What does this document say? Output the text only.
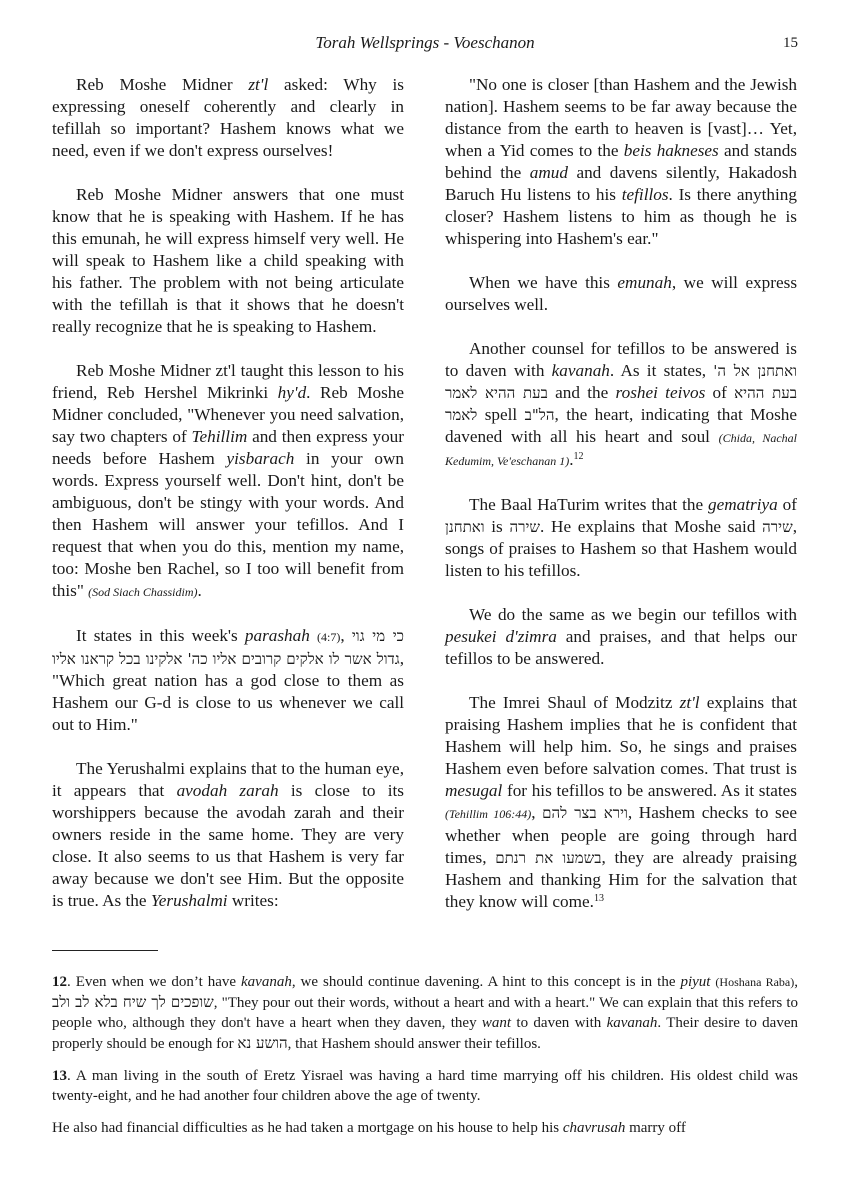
Torah Wellsprings - Voeschanon	15

Reb Moshe Midner zt'l asked: Why is expressing oneself coherently and clearly in tefillah so important? Hashem knows what we need, even if we don't express ourselves!

Reb Moshe Midner answers that one must know that he is speaking with Hashem. If he has this emunah, he will express himself very well. He will speak to Hashem like a child speaking with his father. The problem with not being articulate with the tefillah is that it shows that he doesn't really recognize that he is speaking to Hashem.

Reb Moshe Midner zt'l taught this lesson to his friend, Reb Hershel Mikrinki hy'd. Reb Moshe Midner concluded, "Whenever you need salvation, say two chapters of Tehillim and then express your needs before Hashem yisbarach in your own words. Express yourself well. Don't hint, don't be ambiguous, don't be stingy with your words. And then Hashem will answer your tefillos. And I request that when you do this, mention my name, too: Moshe ben Rachel, so I too will benefit from this" (Sod Siach Chassidim).

It states in this week's parashah (4:7), כי מי גוי גדול אשר לו אלקים קרובים אליו כה' אלקינו בכל קראנו אליו, "Which great nation has a god close to them as Hashem our G-d is close to us whenever we call out to Him."

The Yerushalmi explains that to the human eye, it appears that avodah zarah is close to its worshippers because the avodah zarah and their owners reside in the same home. They are very close. It also seems to us that Hashem is very far away because we don't see Him. But the opposite is true. As the Yerushalmi writes:

"No one is closer [than Hashem and the Jewish nation]. Hashem seems to be far away because the distance from the earth to heaven is [vast]… Yet, when a Yid comes to the beis hakneses and stands behind the amud and davens silently, Hakadosh Baruch Hu listens to his tefillos. Is there anything closer? Hashem listens to him as though he is whispering into Hashem's ear."

When we have this emunah, we will express ourselves well.

Another counsel for tefillos to be answered is to daven with kavanah. As it states, ואתחנן אל ה' בעת ההיא לאמר and the roshei teivos of בעת ההיא לאמר spell הל"ב, the heart, indicating that Moshe davened with all his heart and soul (Chida, Nachal Kedumim, Ve'eschanan 1).$^{12}$

The Baal HaTurim writes that the gematriya of ואתחנן is שירה. He explains that Moshe said שירה, songs of praises to Hashem so that Hashem would listen to his tefillos.

We do the same as we begin our tefillos with pesukei d'zimra and praises, and that helps our tefillos to be answered.

The Imrei Shaul of Modzitz zt'l explains that praising Hashem implies that he is confident that Hashem will help him. So, he sings and praises Hashem even before salvation comes. That trust is mesugal for his tefillos to be answered. As it states (Tehillim 106:44), וירא בצר להם, Hashem checks to see whether when people are going through hard times, בשמעו את רנתם, they are already praising Hashem and thanking Him for the salvation that they know will come.$^{13}$

12. Even when we don’t have kavanah, we should continue davening. A hint to this concept is in the piyut (Hoshana Raba), שופכים לך שיח בלא לב ולב, "They pour out their words, without a heart and with a heart." We can explain that this refers to people who, although they don't have a heart when they daven, they want to daven with kavanah. Their desire to daven properly should be enough for הושע נא, that Hashem should answer their tefillos.

13. A man living in the south of Eretz Yisrael was having a hard time marrying off his children. His oldest child was twenty-eight, and he had another four children above the age of twenty.

He also had financial difficulties as he had taken a mortgage on his house to help his chavrusah marry off
